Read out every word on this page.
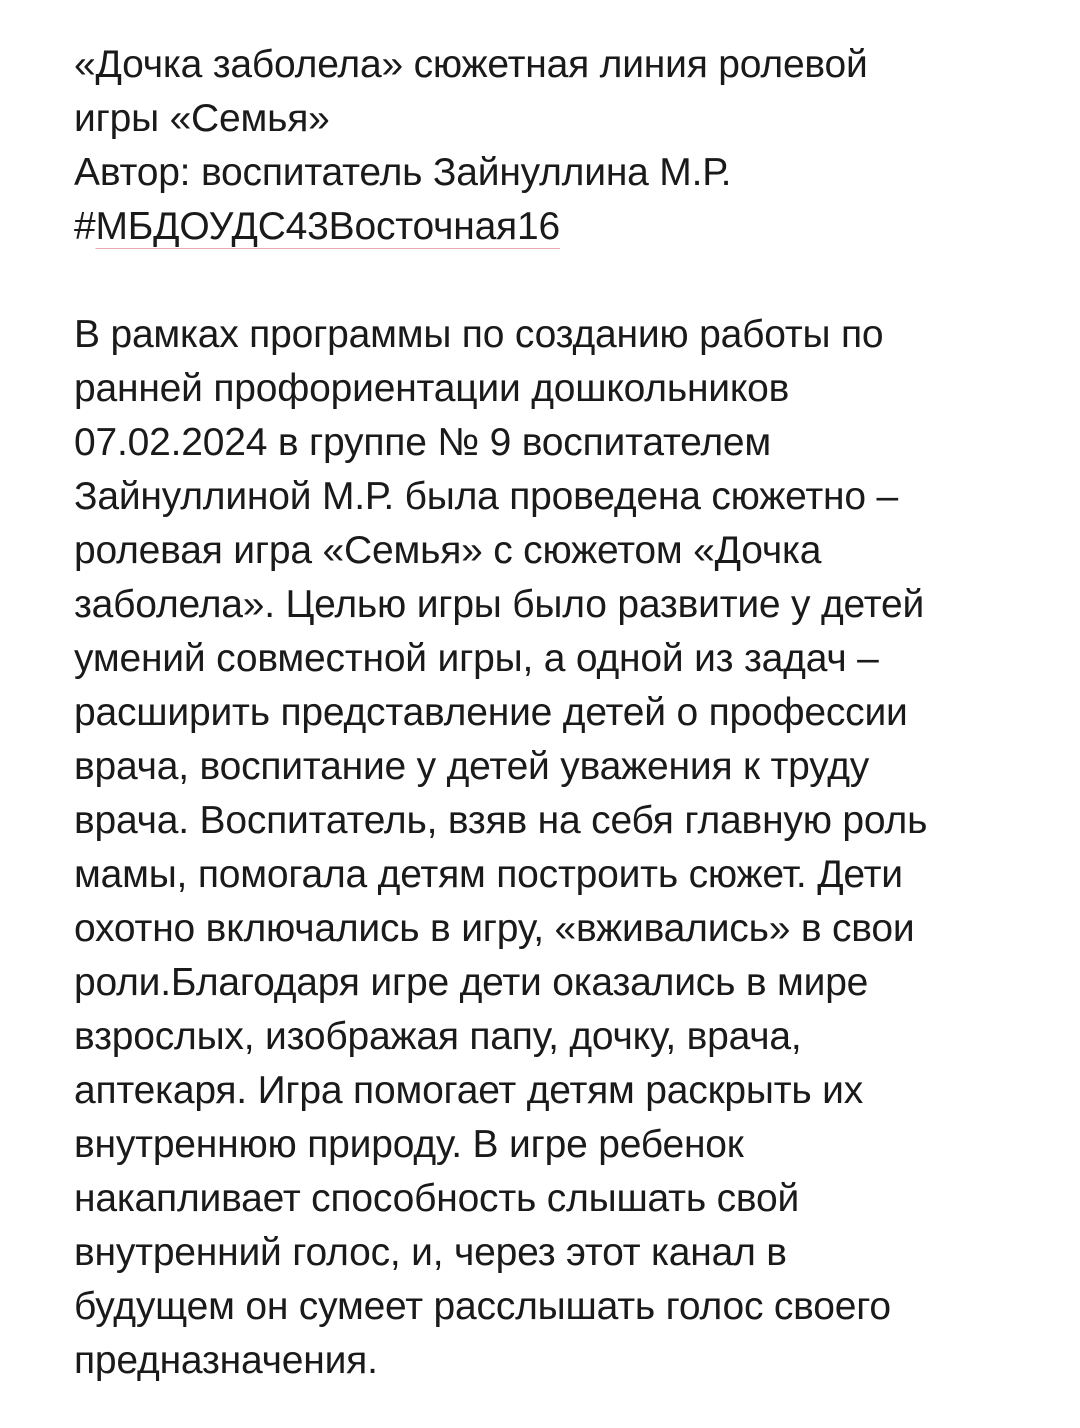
«Дочка заболела» сюжетная линия ролевой
игры «Семья»
Автор: воспитатель Зайнуллина М.Р.
#МБДОУДС43Восточная16
В рамках программы по созданию работы по
ранней профориентации дошкольников
07.02.2024 в группе № 9 воспитателем
Зайнуллиной М.Р. была проведена сюжетно –
ролевая игра «Семья» с сюжетом «Дочка
заболела». Целью игры было развитие у детей
умений совместной игры, а одной из задач –
расширить представление детей о профессии
врача, воспитание у детей уважения к труду
врача. Воспитатель, взяв на себя главную роль
мамы, помогала детям построить сюжет. Дети
охотно включались в игру, «вживались» в свои
роли.Благодаря игре дети оказались в мире
взрослых, изображая папу, дочку, врача,
аптекаря. Игра помогает детям раскрыть их
внутреннюю природу. В игре ребенок
накапливает способность слышать свой
внутренний голос, и, через этот канал в
будущем он сумеет расслышать голос своего
предназначения.
